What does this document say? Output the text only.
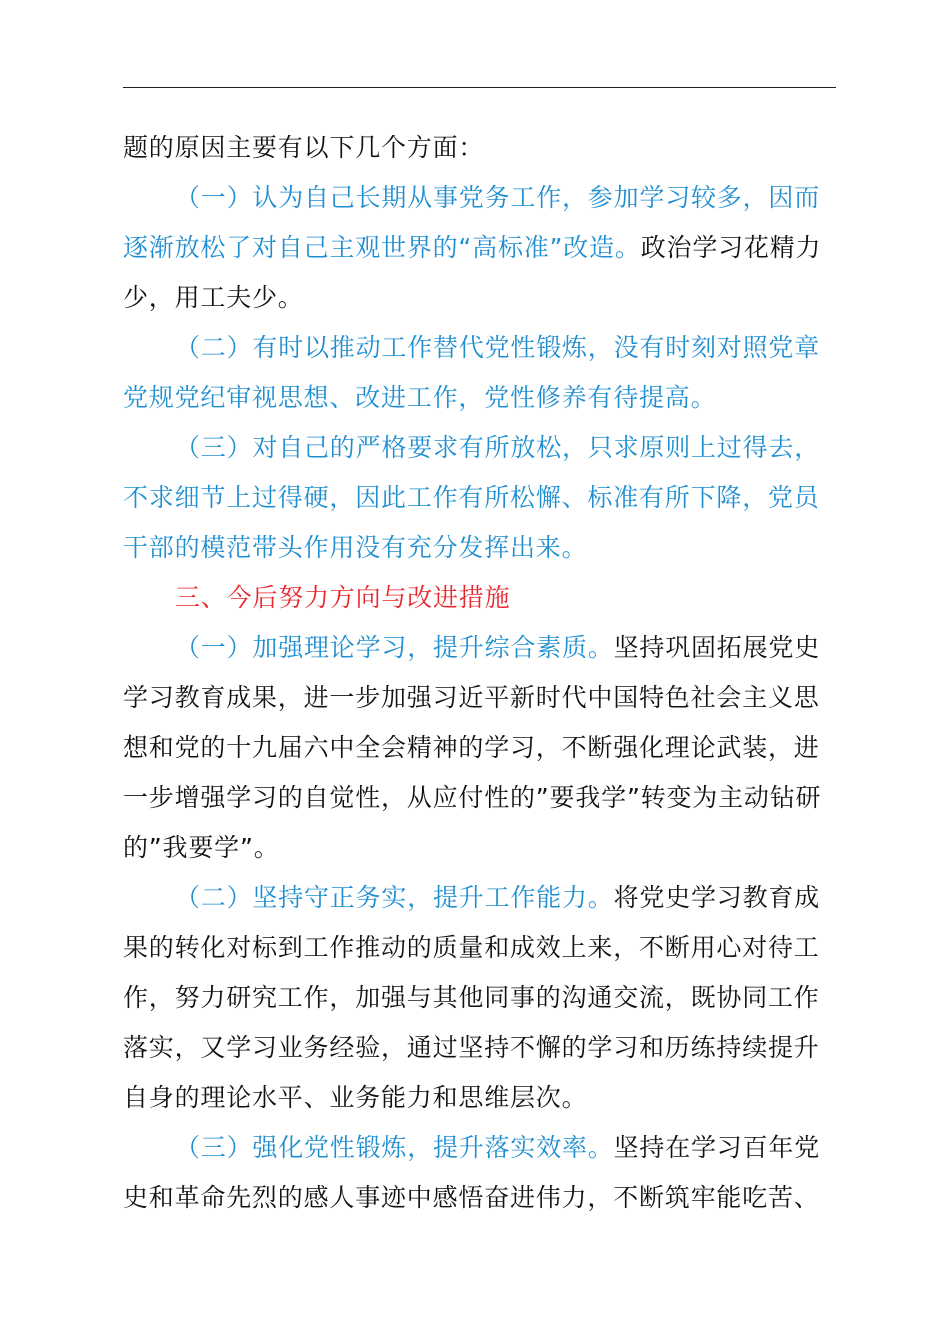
题的原因主要有以下几个方面：
（一）认为自己长期从事党务工作，参加学习较多，因而
逐渐放松了对自己主观世界的“高标准”改造。政治学习花精力
少，用工夫少。
（二）有时以推动工作替代党性锻炼，没有时刻对照党章
党规党纪审视思想、改进工作，党性修养有待提高。
（三）对自己的严格要求有所放松，只求原则上过得去，
不求细节上过得硬，因此工作有所松懈、标准有所下降，党员
干部的模范带头作用没有充分发挥出来。
三、今后努力方向与改进措施
（一）加强理论学习，提升综合素质。坚持巩固拓展党史
学习教育成果，进一步加强习近平新时代中国特色社会主义思
想和党的十九届六中全会精神的学习，不断强化理论武装，进
一步增强学习的自觉性，从应付性的”要我学”转变为主动钻研
的”我要学”。
（二）坚持守正务实，提升工作能力。将党史学习教育成
果的转化对标到工作推动的质量和成效上来，不断用心对待工
作，努力研究工作，加强与其他同事的沟通交流，既协同工作
落实，又学习业务经验，通过坚持不懈的学习和历练持续提升
自身的理论水平、业务能力和思维层次。
（三）强化党性锻炼，提升落实效率。坚持在学习百年党
史和革命先烈的感人事迹中感悟奋进伟力，不断筑牢能吃苦、
